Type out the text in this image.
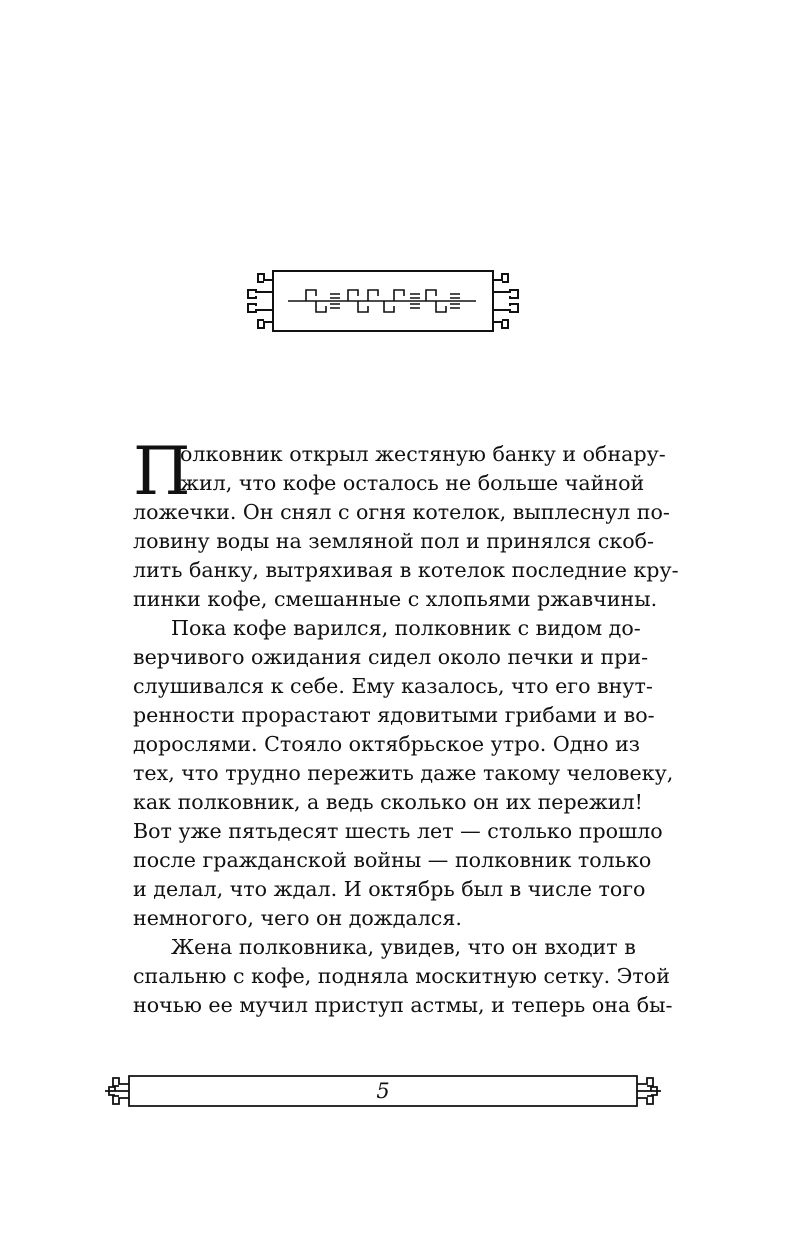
П
олковник открыл жестяную банку и обнару-
жил, что кофе осталось не больше чайной
ложечки. Он снял с огня котелок, выплеснул по-
ловину воды на земляной пол и принялся скоб-
лить банку, вытряхивая в котелок последние кру-
пинки кофе, смешанные с хлопьями ржавчины.
Пока кофе варился, полковник с видом до-
верчивого ожидания сидел около печки и при-
слушивался к себе. Ему казалось, что его внут-
ренности прорастают ядовитыми грибами и во-
дорослями. Стояло октябрьское утро. Одно из
тех, что трудно пережить даже такому человеку,
как полковник, а ведь сколько он их пережил!
Вот уже пятьдесят шесть лет — столько прошло
после гражданской войны — полковник только
и делал, что ждал. И октябрь был в числе того
немногого, чего он дождался.
Жена полковника, увидев, что он входит в
спальню с кофе, подняла москитную сетку. Этой
ночью ее мучил приступ астмы, и теперь она бы-
5
